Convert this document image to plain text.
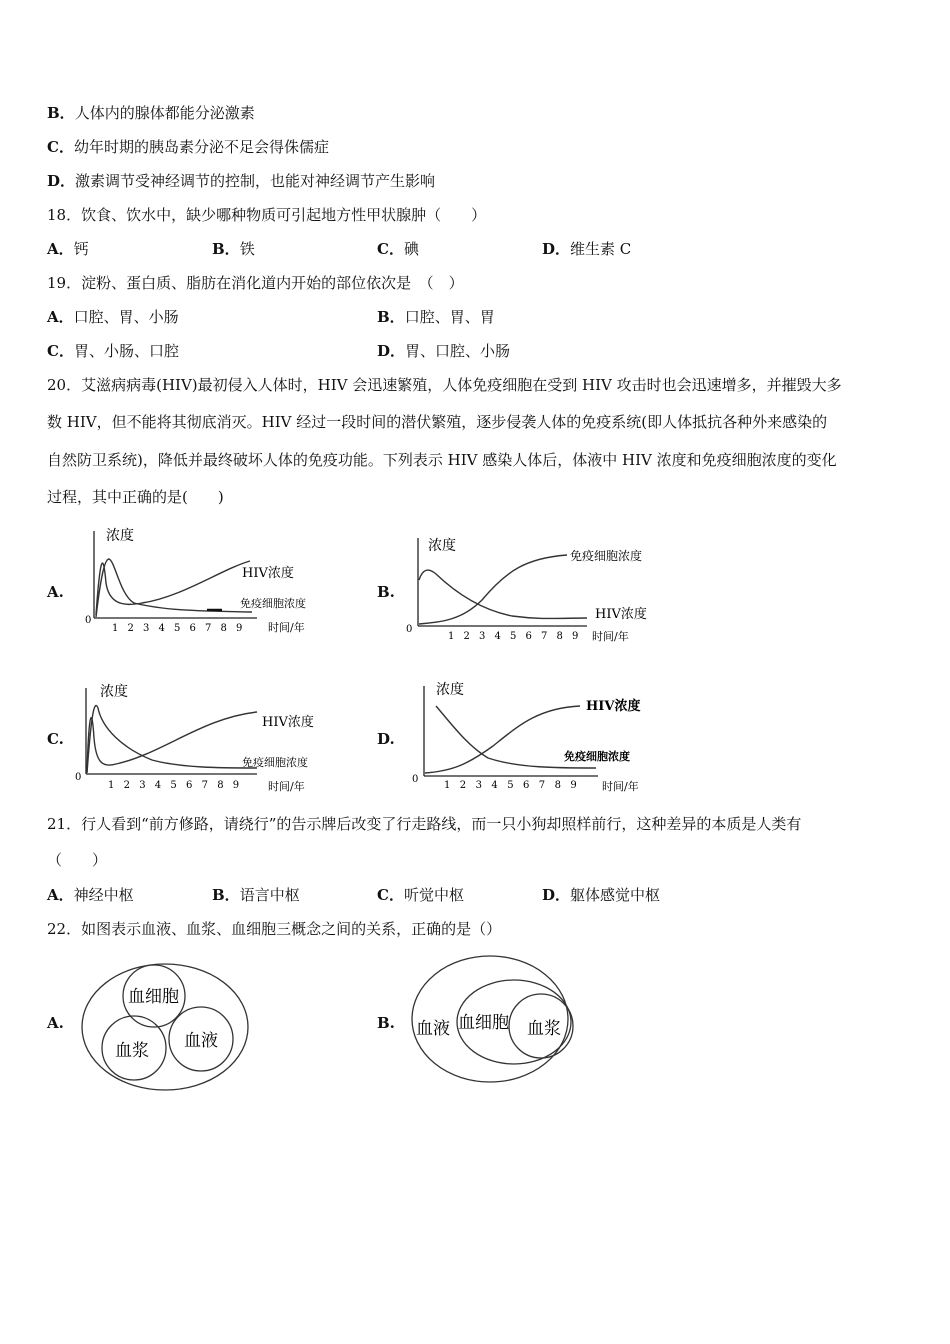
B．人体内的腺体都能分泌激素
C．幼年时期的胰岛素分泌不足会得侏儒症
D．激素调节受神经调节的控制，也能对神经调节产生影响
18．饮食、饮水中，缺少哪种物质可引起地方性甲状腺肿（　　）
A．钙	B．铁	C．碘	D．维生素 C
19．淀粉、蛋白质、脂肪在消化道内开始的部位依次是　（　）
A．口腔、胃、小肠	B．口腔、胃、胃
C．胃、小肠、口腔	D．胃、口腔、小肠
20．艾滋病病毒(HIV)最初侵入人体时，HIV 会迅速繁殖，人体免疫细胞在受到 HIV 攻击时也会迅速增多，并摧毁大多
数 HIV，但不能将其彻底消灭。HIV 经过一段时间的潜伏繁殖，逐步侵袭人体的免疫系统(即人体抵抗各种外来感染的
自然防卫系统)，降低并最终破坏人体的免疫功能。下列表示 HIV 感染人体后，体液中 HIV 浓度和免疫细胞浓度的变化
过程，其中正确的是(　　)
A.	B.
C.	D.
浓度
0
1 2 3 4 5 6 7 8 9 时间/年
HIV浓度
免疫细胞浓度
浓度
0
1 2 3 4 5 6 7 8 9 时间/年
免疫细胞浓度
HIV浓度
浓度
0
1 2 3 4 5 6 7 8 9	时间/年
HIV浓度
免疫细胞浓度
浓度
0
1 2 3 4 5 6 7 8 9 时间/年
HIV浓度
免疫细胞浓度
21．行人看到“前方修路，请绕行”的告示牌后改变了行走路线，而一只小狗却照样前行，这种差异的本质是人类有
（　　）
A．神经中枢	B．语言中枢	C．听觉中枢	D．躯体感觉中枢
22．如图表示血液、血浆、血细胞三概念之间的关系，正确的是（）
A.	B.
血细胞
血液
血浆
血液 血细胞 血浆
